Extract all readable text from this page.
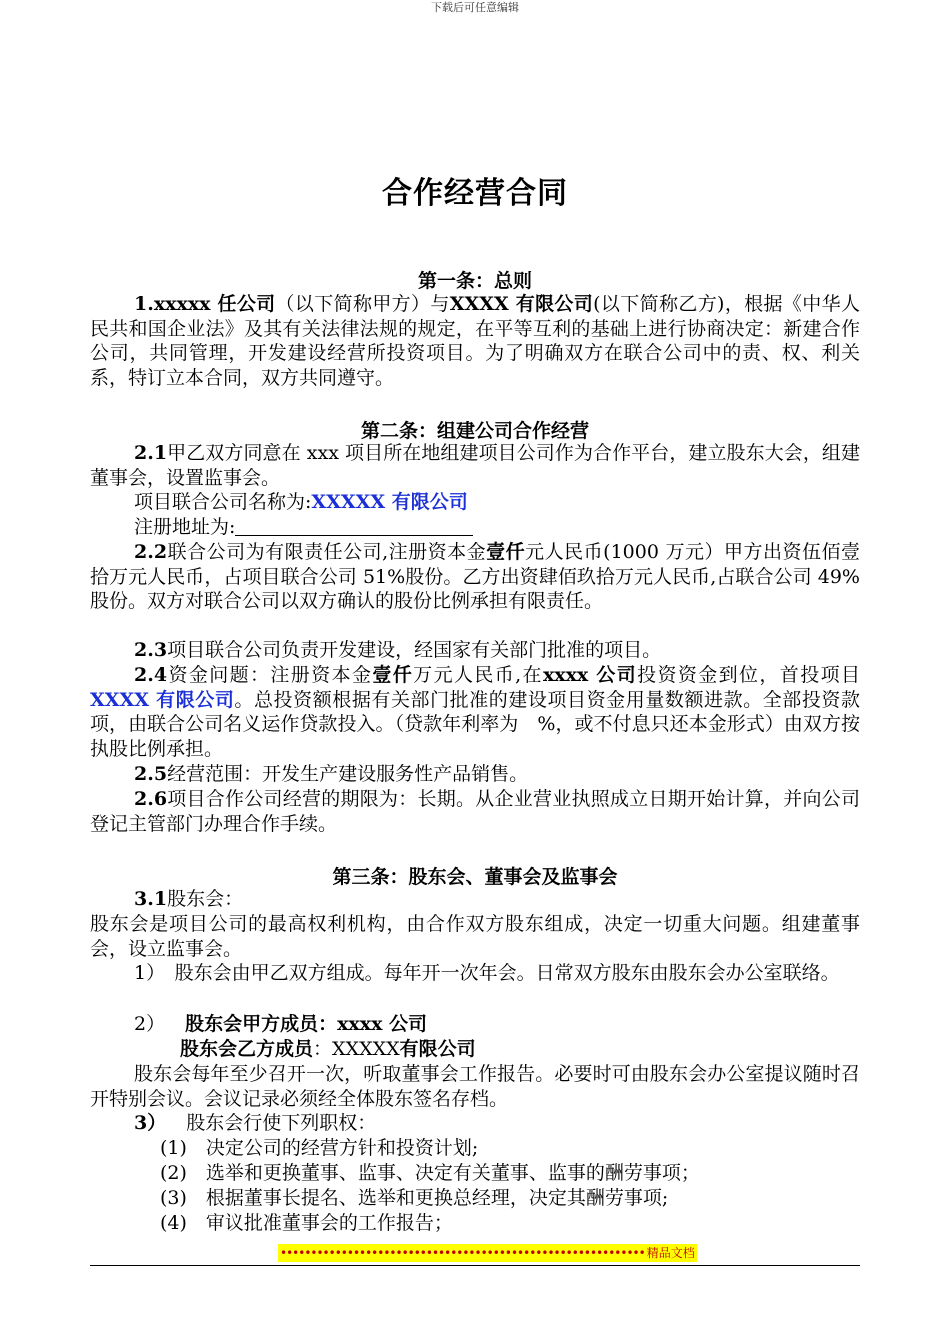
下载后可任意编辑
合作经营合同
第一条：总则
1.xxxxx 任公司（以下简称甲方）与XXXX 有限公司(以下简称乙方)，根据《中华人民共和国企业法》及其有关法律法规的规定，在平等互利的基础上进行协商决定：新建合作公司，共同管理，开发建设经营所投资项目。为了明确双方在联合公司中的责、权、利关系，特订立本合同，双方共同遵守。
第二条：组建公司合作经营
2.1甲乙双方同意在 xxx 项目所在地组建项目公司作为合作平台，建立股东大会，组建董事会，设置监事会。
项目联合公司名称为:XXXXX 有限公司
注册地址为:
2.2联合公司为有限责任公司,注册资本金壹仟元人民币(1000 万元）甲方出资伍佰壹拾万元人民币，占项目联合公司 51%股份。乙方出资肆佰玖拾万元人民币,占联合公司 49%股份。双方对联合公司以双方确认的股份比例承担有限责任。
2.3项目联合公司负责开发建设，经国家有关部门批准的项目。
2.4资金问题：注册资本金壹仟万元人民币,在xxxx 公司投资资金到位，首投项目XXXX 有限公司。总投资额根据有关部门批准的建设项目资金用量数额进款。全部投资款项，由联合公司名义运作贷款投入。（贷款年利率为　%，或不付息只还本金形式）由双方按执股比例承担。
2.5经营范围：开发生产建设服务性产品销售。
2.6项目合作公司经营的期限为：长期。从企业营业执照成立日期开始计算，并向公司登记主管部门办理合作手续。
第三条：股东会、董事会及监事会
3.1股东会：
股东会是项目公司的最高权利机构，由合作双方股东组成，决定一切重大问题。组建董事会，设立监事会。
1）　股东会由甲乙双方组成。每年开一次年会。日常双方股东由股东会办公室联络。
2） 股东会甲方成员：xxxx 公司
股东会乙方成员：XXXXX有限公司
股东会每年至少召开一次，听取董事会工作报告。必要时可由股东会办公室提议随时召开特别会议。会议记录必须经全体股东签名存档。
3） 股东会行使下列职权：
(1)　决定公司的经营方针和投资计划;
(2)　选举和更换董事、监事、决定有关董事、监事的酬劳事项；
(3)　根据董事长提名、选举和更换总经理，决定其酬劳事项;
(4)　审议批准董事会的工作报告；
•••••••••••••••••••••••••••••••••••••••••••••••••••••••••••• 精品文档
